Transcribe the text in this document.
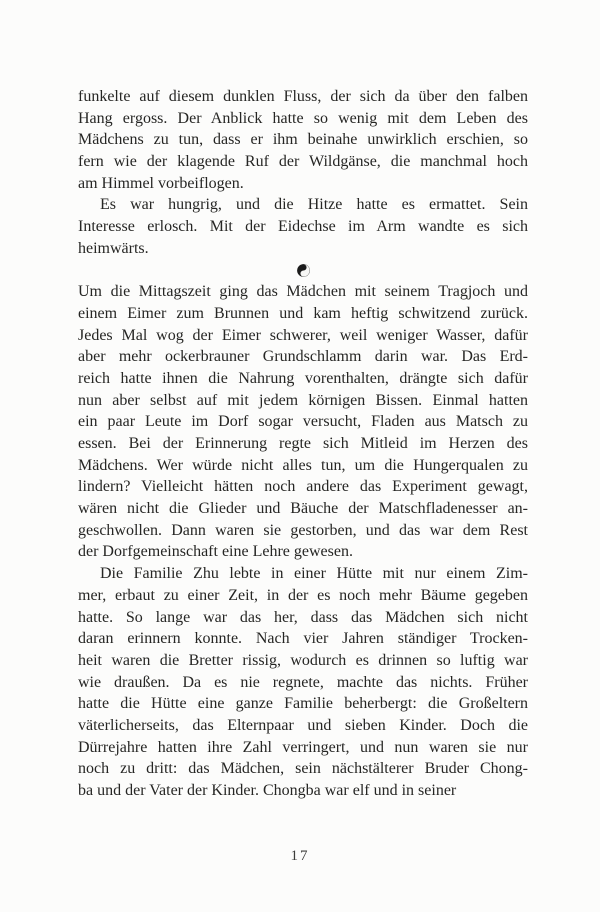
funkelte auf diesem dunklen Fluss, der sich da über den falben
Hang ergoss. Der Anblick hatte so wenig mit dem Leben des
Mädchens zu tun, dass er ihm beinahe unwirklich erschien, so
fern wie der klagende Ruf der Wildgänse, die manchmal hoch
am Himmel vorbeiflogen.
Es war hungrig, und die Hitze hatte es ermattet. Sein
Interesse erlosch. Mit der Eidechse im Arm wandte es sich
heimwärts.
Um die Mittagszeit ging das Mädchen mit seinem Tragjoch und
einem Eimer zum Brunnen und kam heftig schwitzend zurück.
Jedes Mal wog der Eimer schwerer, weil weniger Wasser, dafür
aber mehr ockerbrauner Grundschlamm darin war. Das Erd-
reich hatte ihnen die Nahrung vorenthalten, drängte sich dafür
nun aber selbst auf mit jedem körnigen Bissen. Einmal hatten
ein paar Leute im Dorf sogar versucht, Fladen aus Matsch zu
essen. Bei der Erinnerung regte sich Mitleid im Herzen des
Mädchens. Wer würde nicht alles tun, um die Hungerqualen zu
lindern? Vielleicht hätten noch andere das Experiment gewagt,
wären nicht die Glieder und Bäuche der Matschfladenesser an-
geschwollen. Dann waren sie gestorben, und das war dem Rest
der Dorfgemeinschaft eine Lehre gewesen.
Die Familie Zhu lebte in einer Hütte mit nur einem Zim-
mer, erbaut zu einer Zeit, in der es noch mehr Bäume gegeben
hatte. So lange war das her, dass das Mädchen sich nicht
daran erinnern konnte. Nach vier Jahren ständiger Trocken-
heit waren die Bretter rissig, wodurch es drinnen so luftig war
wie draußen. Da es nie regnete, machte das nichts. Früher
hatte die Hütte eine ganze Familie beherbergt: die Großeltern
väterlicherseits, das Elternpaar und sieben Kinder. Doch die
Dürrejahre hatten ihre Zahl verringert, und nun waren sie nur
noch zu dritt: das Mädchen, sein nächstälterer Bruder Chong-
ba und der Vater der Kinder. Chongba war elf und in seiner
17
